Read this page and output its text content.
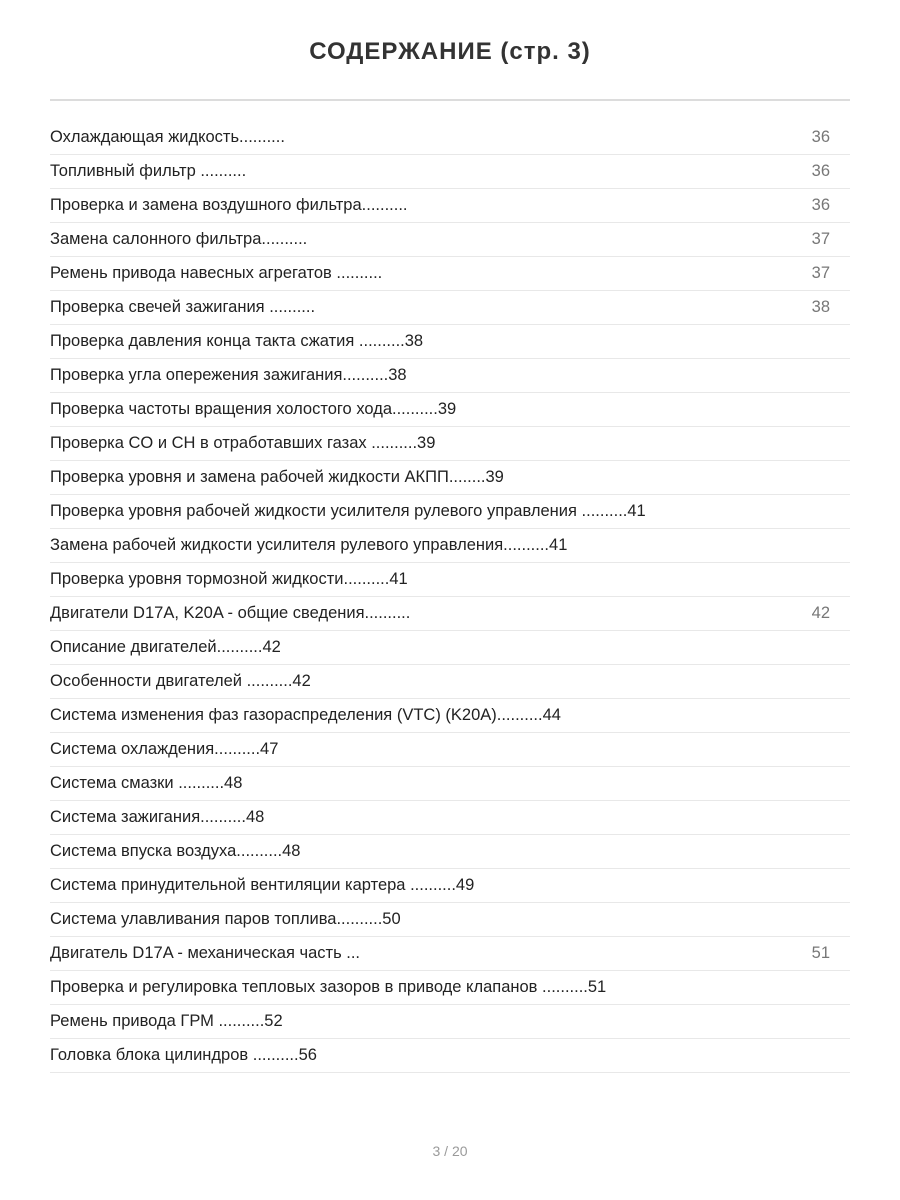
СОДЕРЖАНИЕ (стр. 3)
Охлаждающая жидкость..........	36
Топливный фильтр ..........	36
Проверка и замена воздушного фильтра..........	36
Замена салонного фильтра..........	37
Ремень привода навесных агрегатов ..........	37
Проверка свечей зажигания ..........	38
Проверка давления конца такта сжатия ..........38
Проверка угла опережения зажигания..........38
Проверка частоты вращения холостого хода..........39
Проверка CO и CH в отработавших газах ..........39
Проверка уровня и замена рабочей жидкости АКПП........39
Проверка уровня рабочей жидкости усилителя рулевого управления ..........41
Замена рабочей жидкости усилителя рулевого управления..........41
Проверка уровня тормозной жидкости..........41
Двигатели D17A, K20A - общие сведения..........	42
Описание двигателей..........42
Особенности двигателей ..........42
Система изменения фаз газораспределения (VTC) (K20A)..........44
Система охлаждения..........47
Система смазки ..........48
Система зажигания..........48
Система впуска воздуха..........48
Система принудительной вентиляции картера ..........49
Система улавливания паров топлива..........50
Двигатель D17A - механическая часть ...	51
Проверка и регулировка тепловых зазоров в приводе клапанов ..........51
Ремень привода ГРМ ..........52
Головка блока цилиндров ..........56
3 / 20
